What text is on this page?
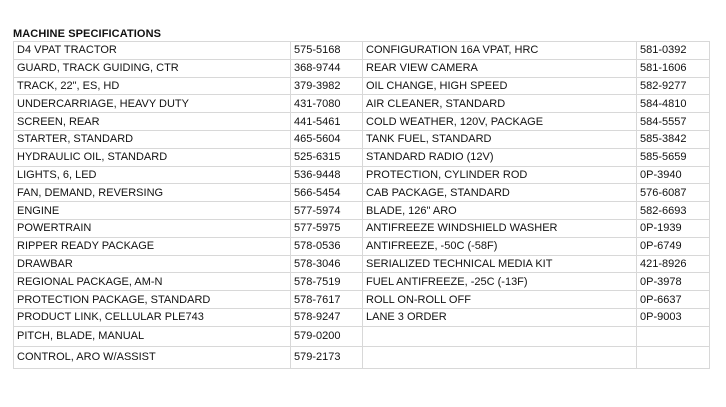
MACHINE SPECIFICATIONS
D4 VPAT TRACTOR	575-5168	CONFIGURATION 16A VPAT, HRC	581-0392
GUARD, TRACK GUIDING, CTR	368-9744	REAR VIEW CAMERA	581-1606
TRACK, 22", ES, HD	379-3982	OIL CHANGE, HIGH SPEED	582-9277
UNDERCARRIAGE, HEAVY DUTY	431-7080	AIR CLEANER, STANDARD	584-4810
SCREEN, REAR	441-5461	COLD WEATHER, 120V, PACKAGE	584-5557
STARTER, STANDARD	465-5604	TANK FUEL, STANDARD	585-3842
HYDRAULIC OIL, STANDARD	525-6315	STANDARD RADIO (12V)	585-5659
LIGHTS, 6, LED	536-9448	PROTECTION, CYLINDER ROD	0P-3940
FAN, DEMAND, REVERSING	566-5454	CAB PACKAGE, STANDARD	576-6087
ENGINE	577-5974	BLADE, 126" ARO	582-6693
POWERTRAIN	577-5975	ANTIFREEZE WINDSHIELD WASHER	0P-1939
RIPPER READY PACKAGE	578-0536	ANTIFREEZE, -50C (-58F)	0P-6749
DRAWBAR	578-3046	SERIALIZED TECHNICAL MEDIA KIT	421-8926
REGIONAL PACKAGE, AM-N	578-7519	FUEL ANTIFREEZE, -25C (-13F)	0P-3978
PROTECTION PACKAGE, STANDARD	578-7617	ROLL ON-ROLL OFF	0P-6637
PRODUCT LINK, CELLULAR PLE743	578-9247	LANE 3 ORDER	0P-9003
PITCH, BLADE, MANUAL	579-0200		
CONTROL, ARO W/ASSIST	579-2173		
